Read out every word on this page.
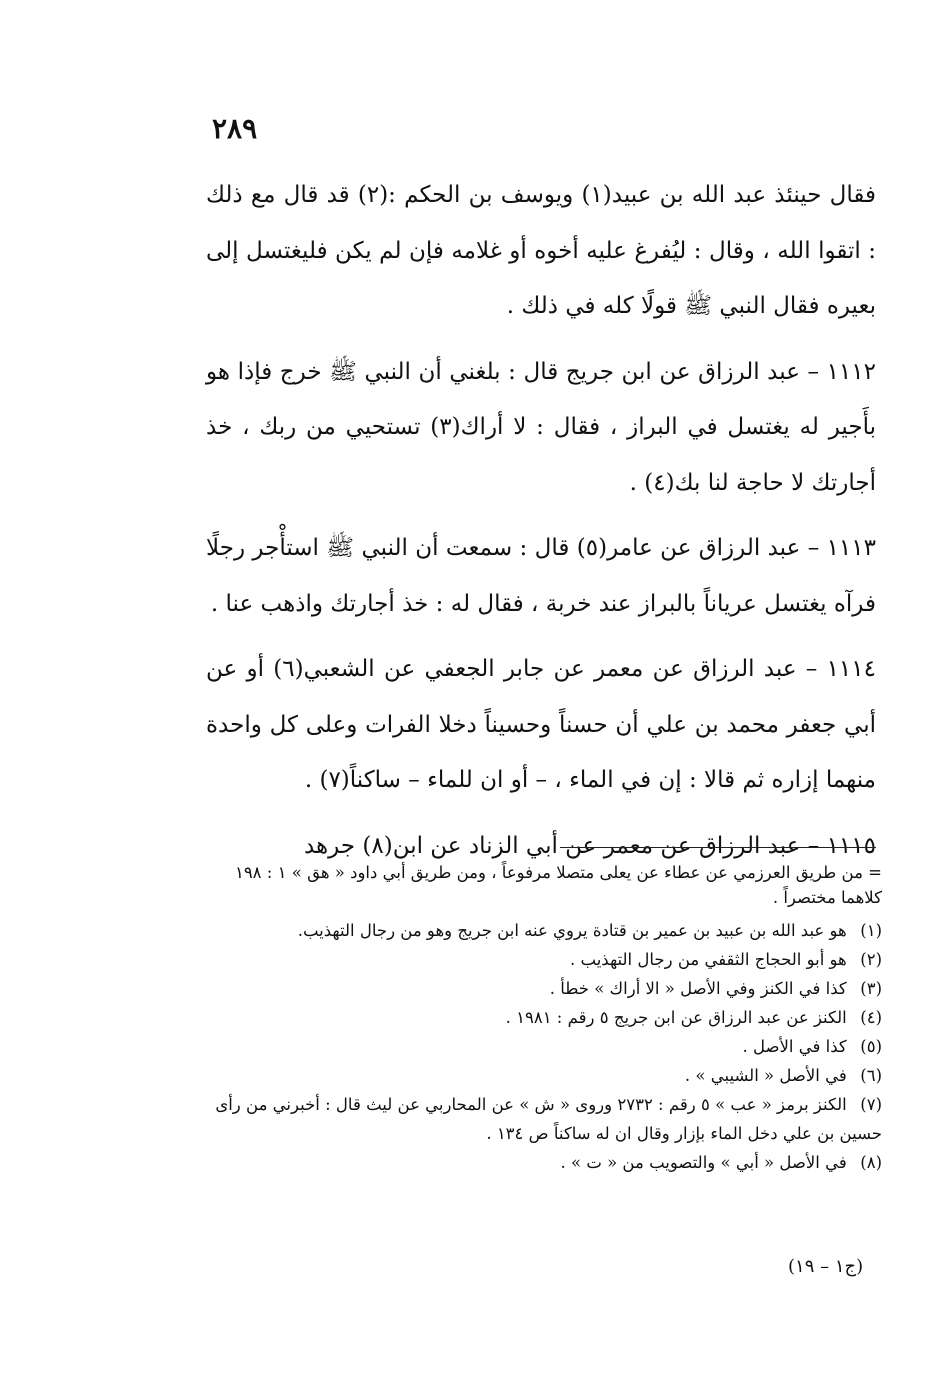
٢٨٩

فقال حينئذ عبد الله بن عبيد(١) ويوسف بن الحكم :(٢) قد قال مع ذلك : اتقوا الله ، وقال : ليُفرغ عليه أخوه أو غلامه فإن لم يكن فليغتسل إلى بعيره فقال النبي ﷺ قولًا كله في ذلك .

١١١٢ – عبد الرزاق عن ابن جريج قال : بلغني أن النبي ﷺ خرج فإذا هو بأَجير له يغتسل في البراز ، فقال : لا أراك(٣) تستحيي من ربك ، خذ أجارتك لا حاجة لنا بك(٤) .

١١١٣ – عبد الرزاق عن عامر(٥) قال : سمعت أن النبي ﷺ استأْجر رجلًا فرآه يغتسل عرياناً بالبراز عند خربة ، فقال له : خذ أجارتك واذهب عنا .

١١١٤ – عبد الرزاق عن معمر عن جابر الجعفي عن الشعبي(٦) أو عن أبي جعفر محمد بن علي أن حسناً وحسيناً دخلا الفرات وعلى كل واحدة منهما إزاره ثم قالا : إن في الماء ، – أو ان للماء – ساكناً(٧) .

١١١٥ – عبد الرزاق عن معمر عن أبي الزناد عن ابن(٨) جرهد

= من طريق العرزمي عن عطاء عن يعلى متصلا مرفوعاً ، ومن طريق أبي داود « هق » ١ : ١٩٨ كلاهما مختصراً .

(١) هو عبد الله بن عبيد بن عمير بن قتادة يروي عنه ابن جريج وهو من رجال التهذيب.

(٢) هو أبو الحجاج الثقفي من رجال التهذيب .

(٣) كذا في الكنز وفي الأصل « الا أراك » خطأ .

(٤) الكنز عن عبد الرزاق عن ابن جريج ٥ رقم : ١٩٨١ .

(٥) كذا في الأصل .

(٦) في الأصل « الشيبي » .

(٧) الكنز برمز « عب » ٥ رقم : ٢٧٣٢ وروى « ش » عن المحاربي عن ليث قال : أخبرني من رأى حسين بن علي دخل الماء بإزار وقال ان له ساكناً ص ١٣٤ .

(٨) في الأصل « أبي » والتصويب من « ت » .

(ج١ – ١٩)
